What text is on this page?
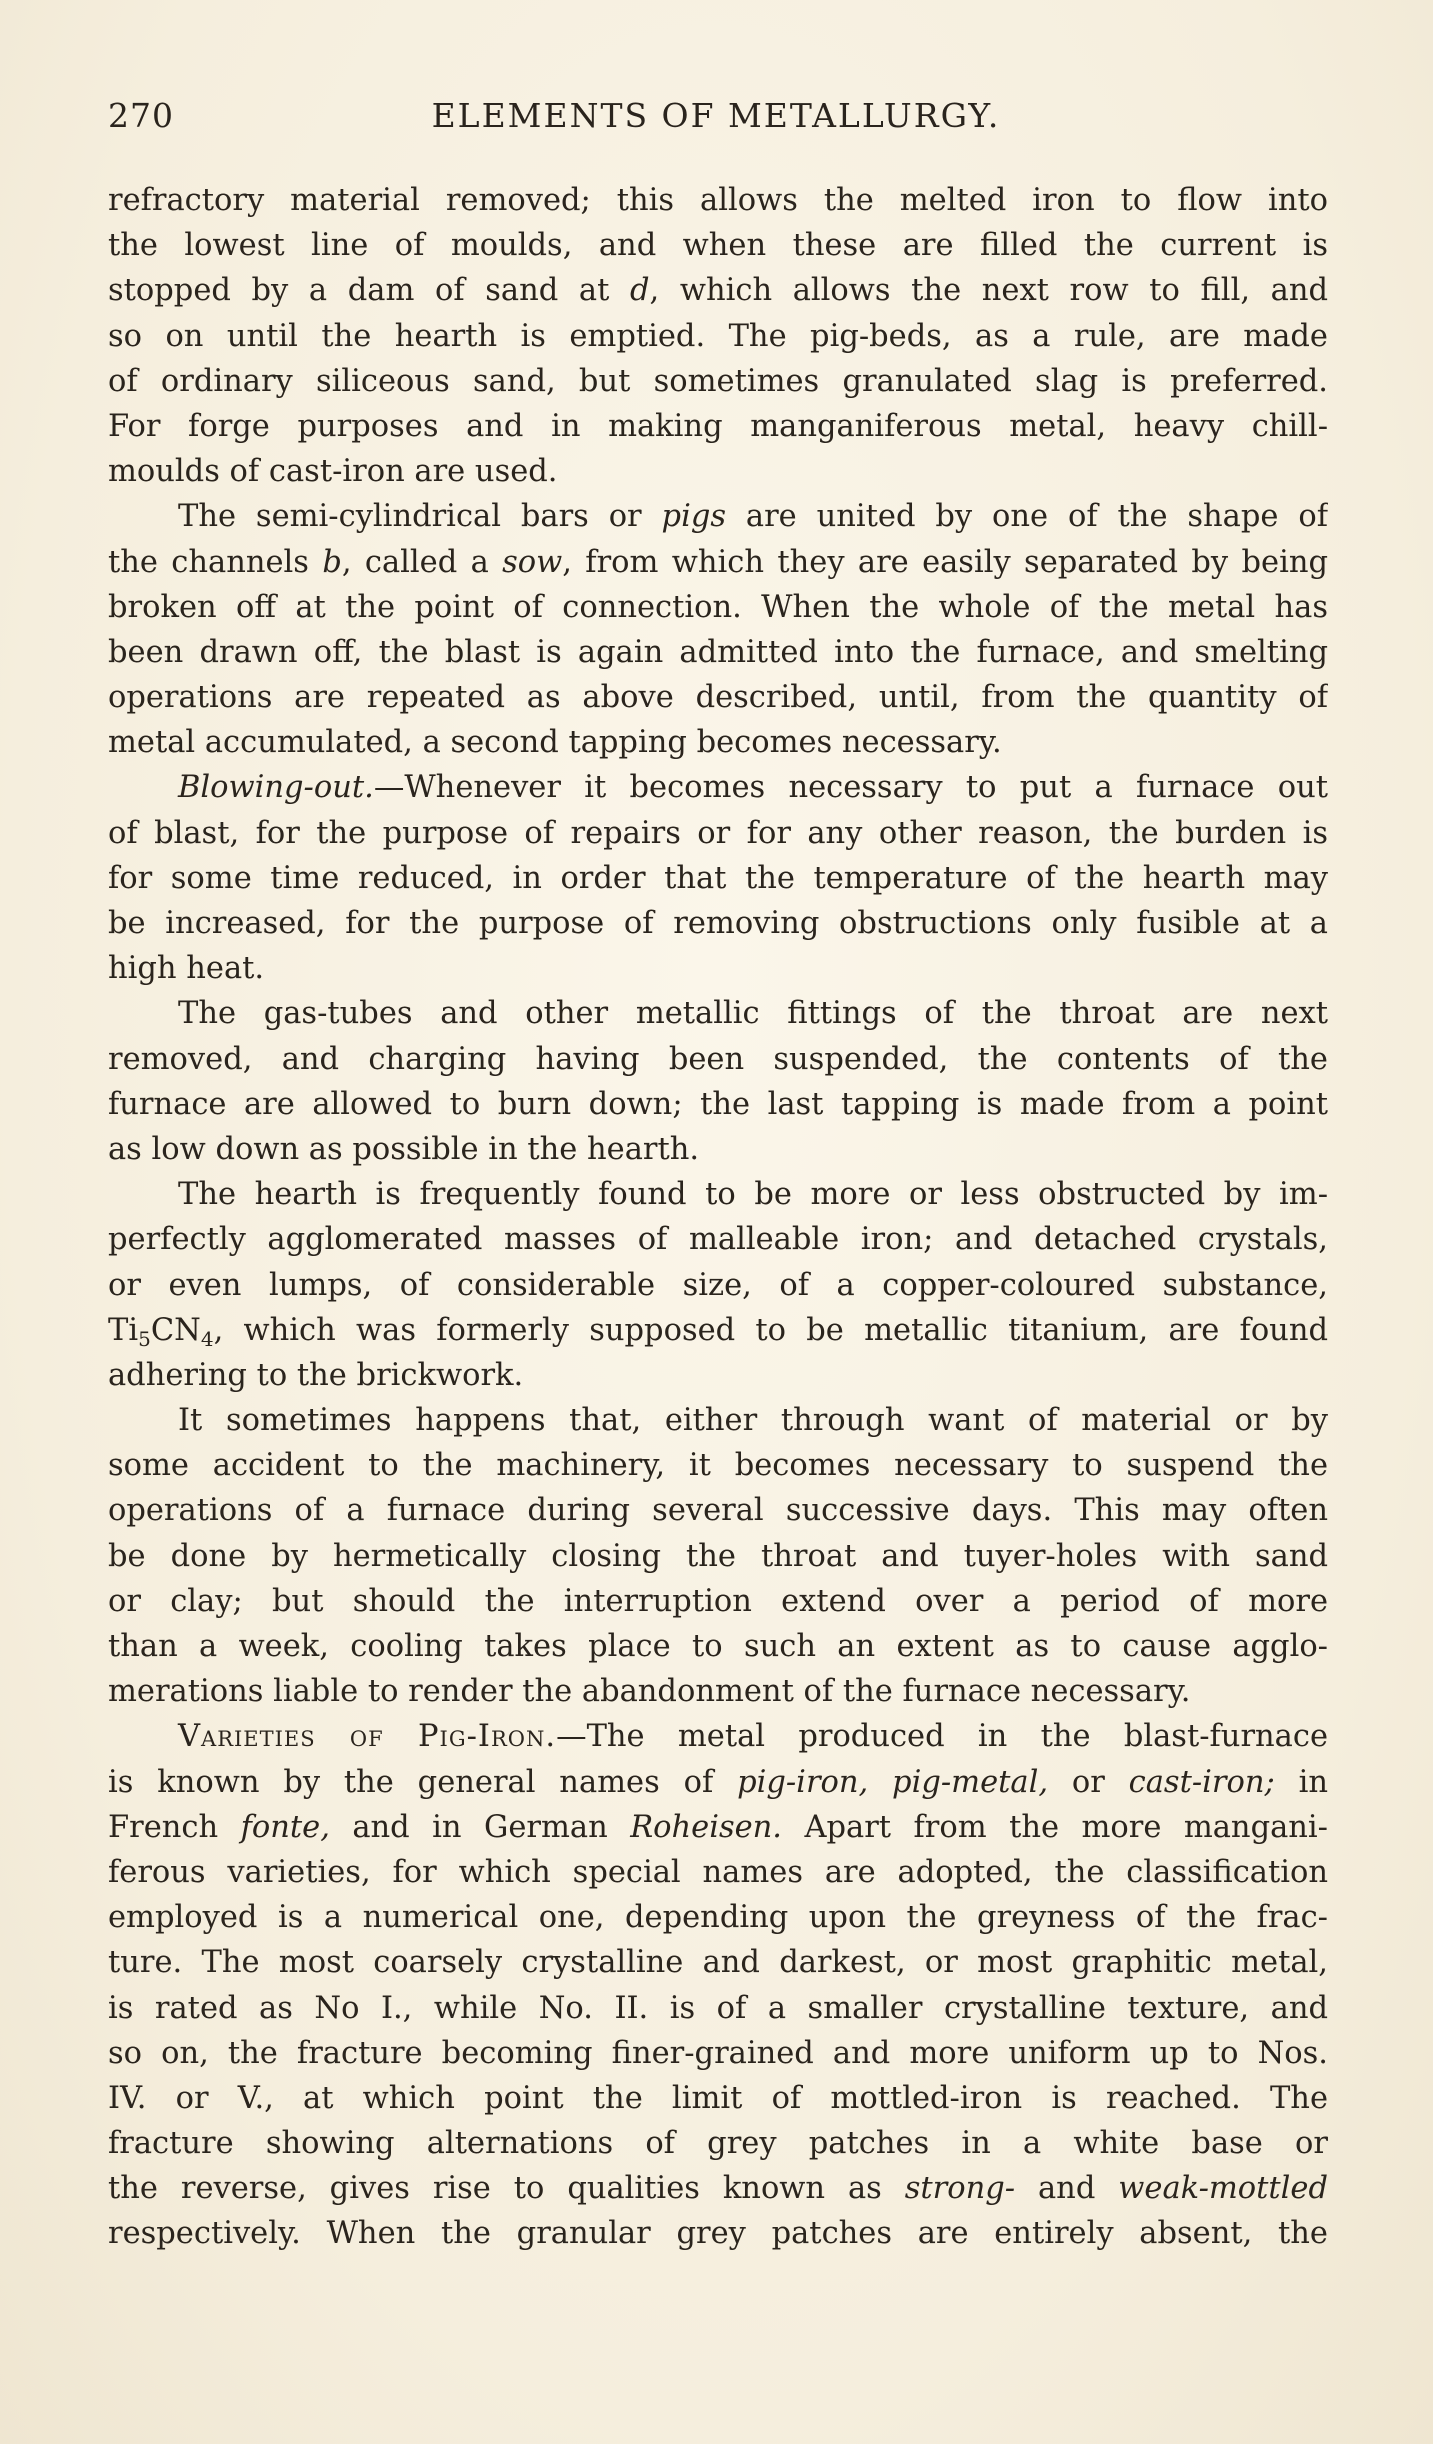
270	ELEMENTS OF METALLURGY.
refractory material removed; this allows the melted iron to flow into
the lowest line of moulds, and when these are filled the current is
stopped by a dam of sand at d, which allows the next row to fill, and
so on until the hearth is emptied. The pig-beds, as a rule, are made
of ordinary siliceous sand, but sometimes granulated slag is preferred.
For forge purposes and in making manganiferous metal, heavy chill-
moulds of cast-iron are used.
The semi-cylindrical bars or pigs are united by one of the shape of
the channels b, called a sow, from which they are easily separated by being
broken off at the point of connection. When the whole of the metal has
been drawn off, the blast is again admitted into the furnace, and smelting
operations are repeated as above described, until, from the quantity of
metal accumulated, a second tapping becomes necessary.
Blowing-out.—Whenever it becomes necessary to put a furnace out
of blast, for the purpose of repairs or for any other reason, the burden is
for some time reduced, in order that the temperature of the hearth may
be increased, for the purpose of removing obstructions only fusible at a
high heat.
The gas-tubes and other metallic fittings of the throat are next
removed, and charging having been suspended, the contents of the
furnace are allowed to burn down; the last tapping is made from a point
as low down as possible in the hearth.
The hearth is frequently found to be more or less obstructed by im-
perfectly agglomerated masses of malleable iron; and detached crystals,
or even lumps, of considerable size, of a copper-coloured substance,
$Ti_5CN_4$, which was formerly supposed to be metallic titanium, are found
adhering to the brickwork.
It sometimes happens that, either through want of material or by
some accident to the machinery, it becomes necessary to suspend the
operations of a furnace during several successive days. This may often
be done by hermetically closing the throat and tuyer-holes with sand
or clay; but should the interruption extend over a period of more
than a week, cooling takes place to such an extent as to cause agglo-
merations liable to render the abandonment of the furnace necessary.
Varieties of Pig-Iron.—The metal produced in the blast-furnace
is known by the general names of pig-iron, pig-metal, or cast-iron; in
French fonte, and in German Roheisen. Apart from the more mangani-
ferous varieties, for which special names are adopted, the classification
employed is a numerical one, depending upon the greyness of the frac-
ture. The most coarsely crystalline and darkest, or most graphitic metal,
is rated as No I., while No. II. is of a smaller crystalline texture, and
so on, the fracture becoming finer-grained and more uniform up to Nos.
IV. or V., at which point the limit of mottled-iron is reached. The
fracture showing alternations of grey patches in a white base or
the reverse, gives rise to qualities known as strong- and weak-mottled
respectively. When the granular grey patches are entirely absent, the
